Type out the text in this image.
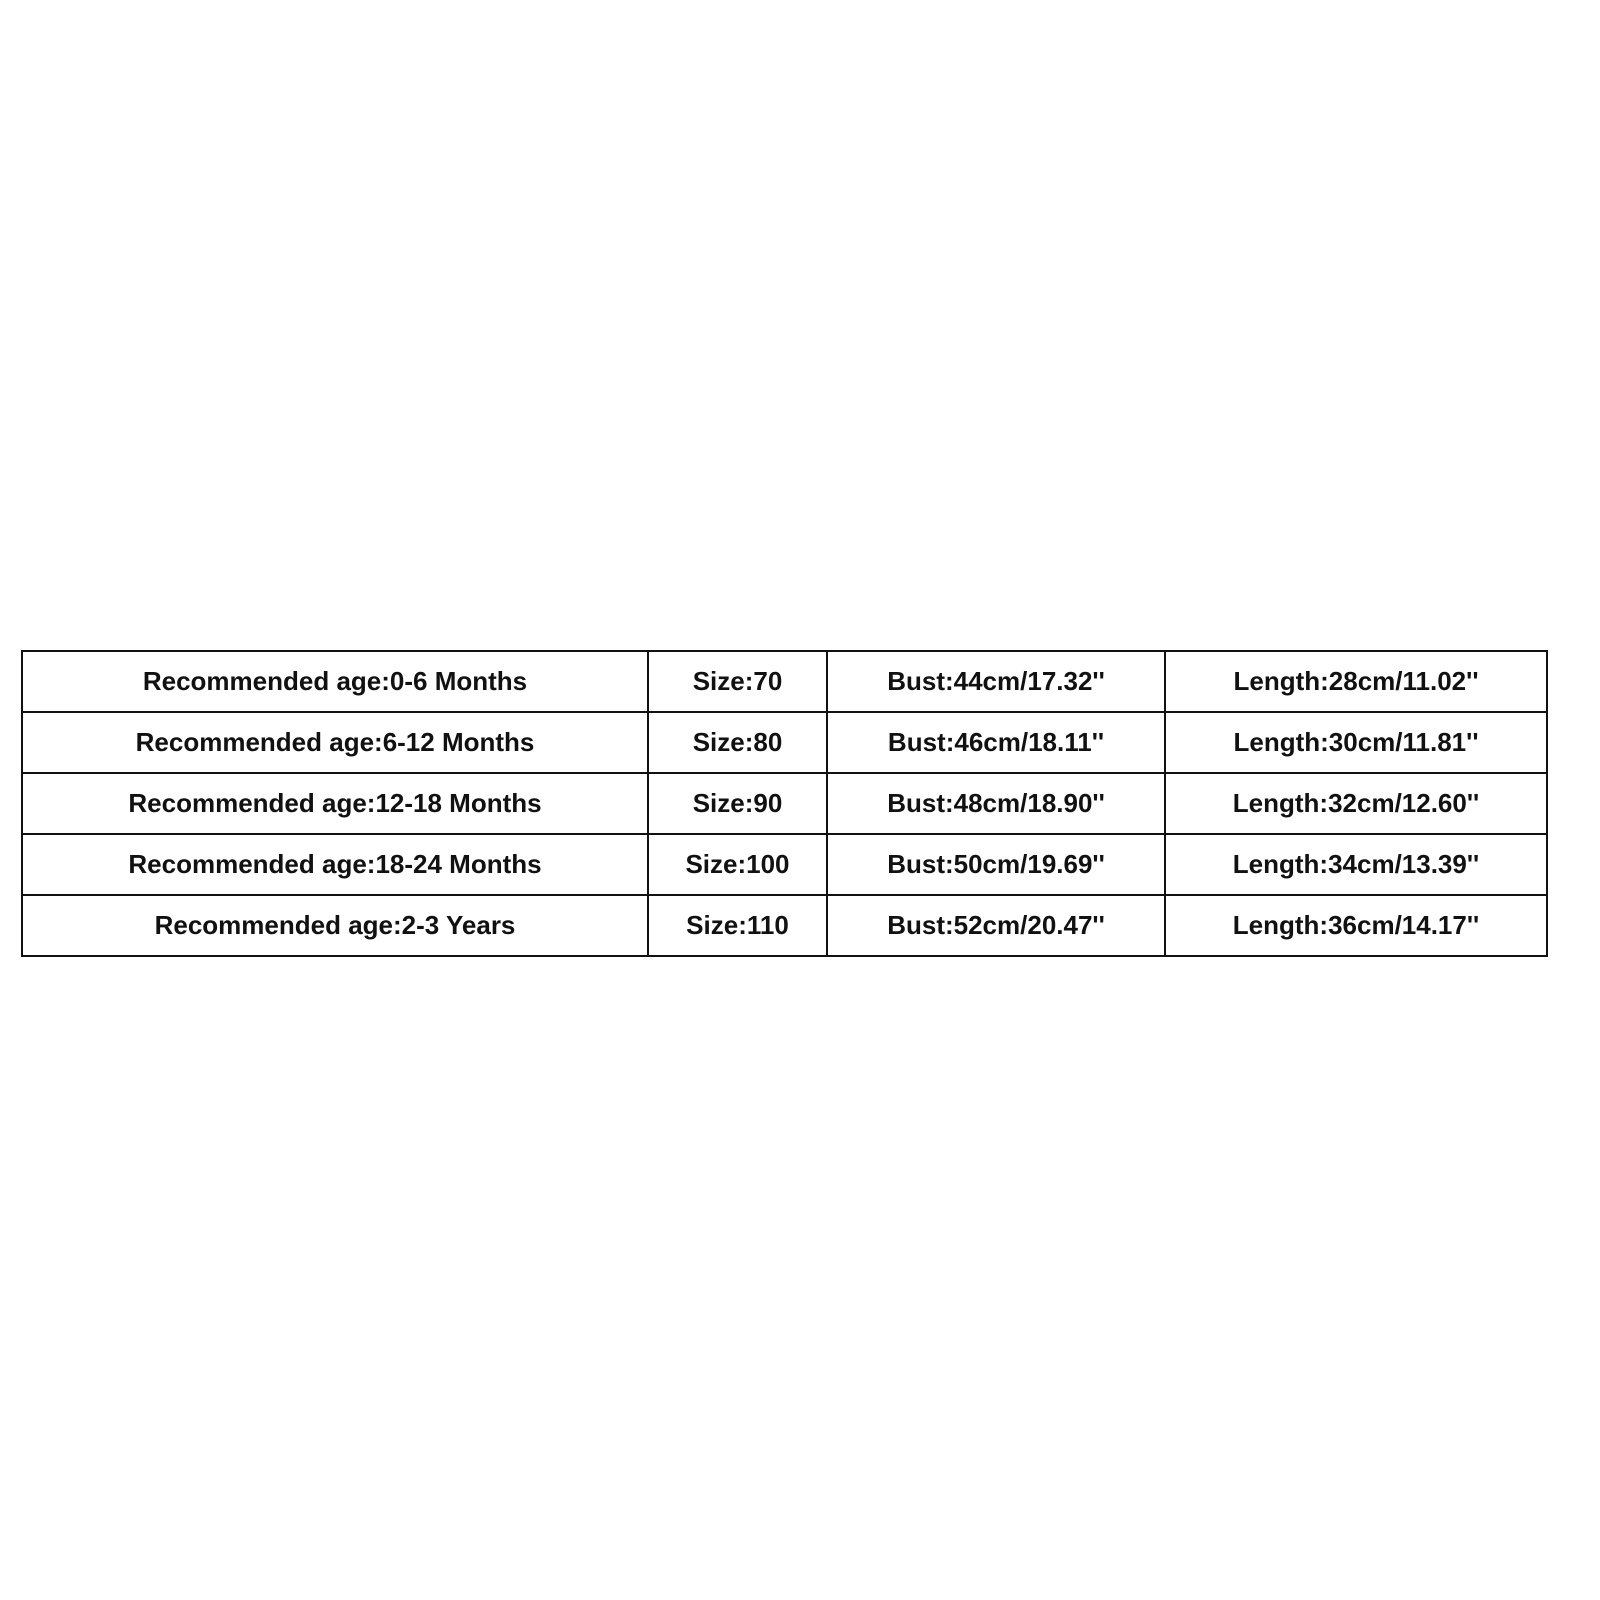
Recommended age:0-6 Months	Size:70	Bust:44cm/17.32''	Length:28cm/11.02''
Recommended age:6-12 Months	Size:80	Bust:46cm/18.11''	Length:30cm/11.81''
Recommended age:12-18 Months	Size:90	Bust:48cm/18.90''	Length:32cm/12.60''
Recommended age:18-24 Months	Size:100	Bust:50cm/19.69''	Length:34cm/13.39''
Recommended age:2-3 Years	Size:110	Bust:52cm/20.47''	Length:36cm/14.17''
